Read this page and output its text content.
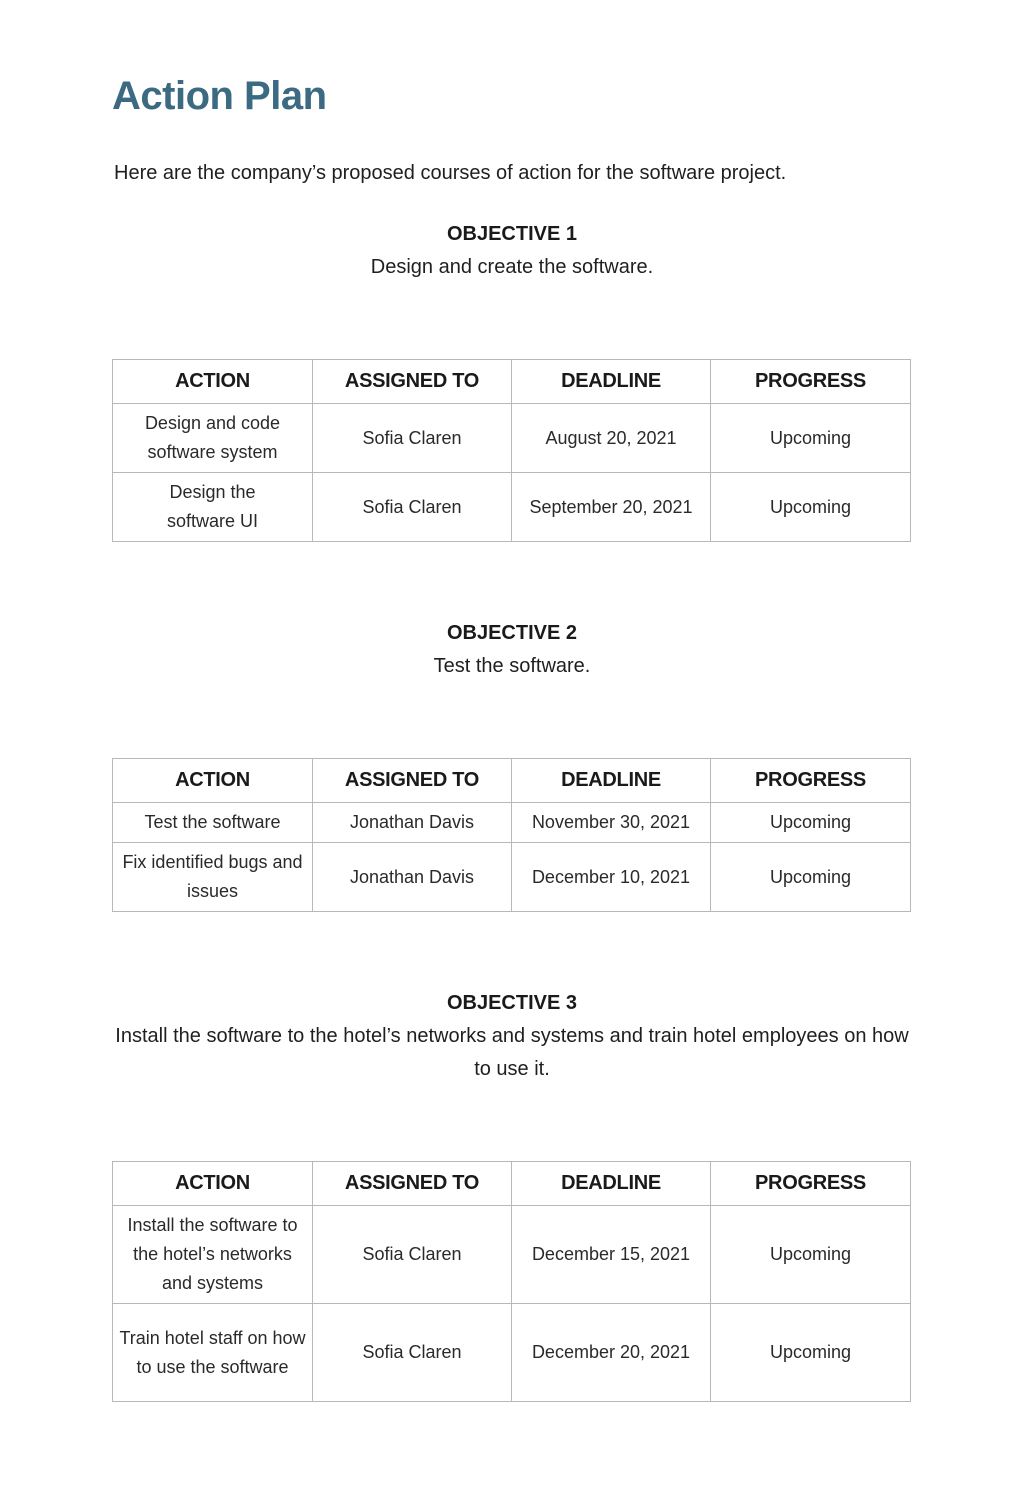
Action Plan

Here are the company’s proposed courses of action for the software project.

OBJECTIVE 1

Design and create the software.

ACTION	ASSIGNED TO	DEADLINE	PROGRESS
Design and code software system	Sofia Claren	August 20, 2021	Upcoming
Design the software UI	Sofia Claren	September 20, 2021	Upcoming

OBJECTIVE 2

Test the software.

ACTION	ASSIGNED TO	DEADLINE	PROGRESS
Test the software	Jonathan Davis	November 30, 2021	Upcoming
Fix identified bugs and issues	Jonathan Davis	December 10, 2021	Upcoming

OBJECTIVE 3

Install the software to the hotel’s networks and systems and train hotel employees on how to use it.

ACTION	ASSIGNED TO	DEADLINE	PROGRESS
Install the software to the hotel’s networks and systems	Sofia Claren	December 15, 2021	Upcoming
Train hotel staff on how to use the software	Sofia Claren	December 20, 2021	Upcoming
